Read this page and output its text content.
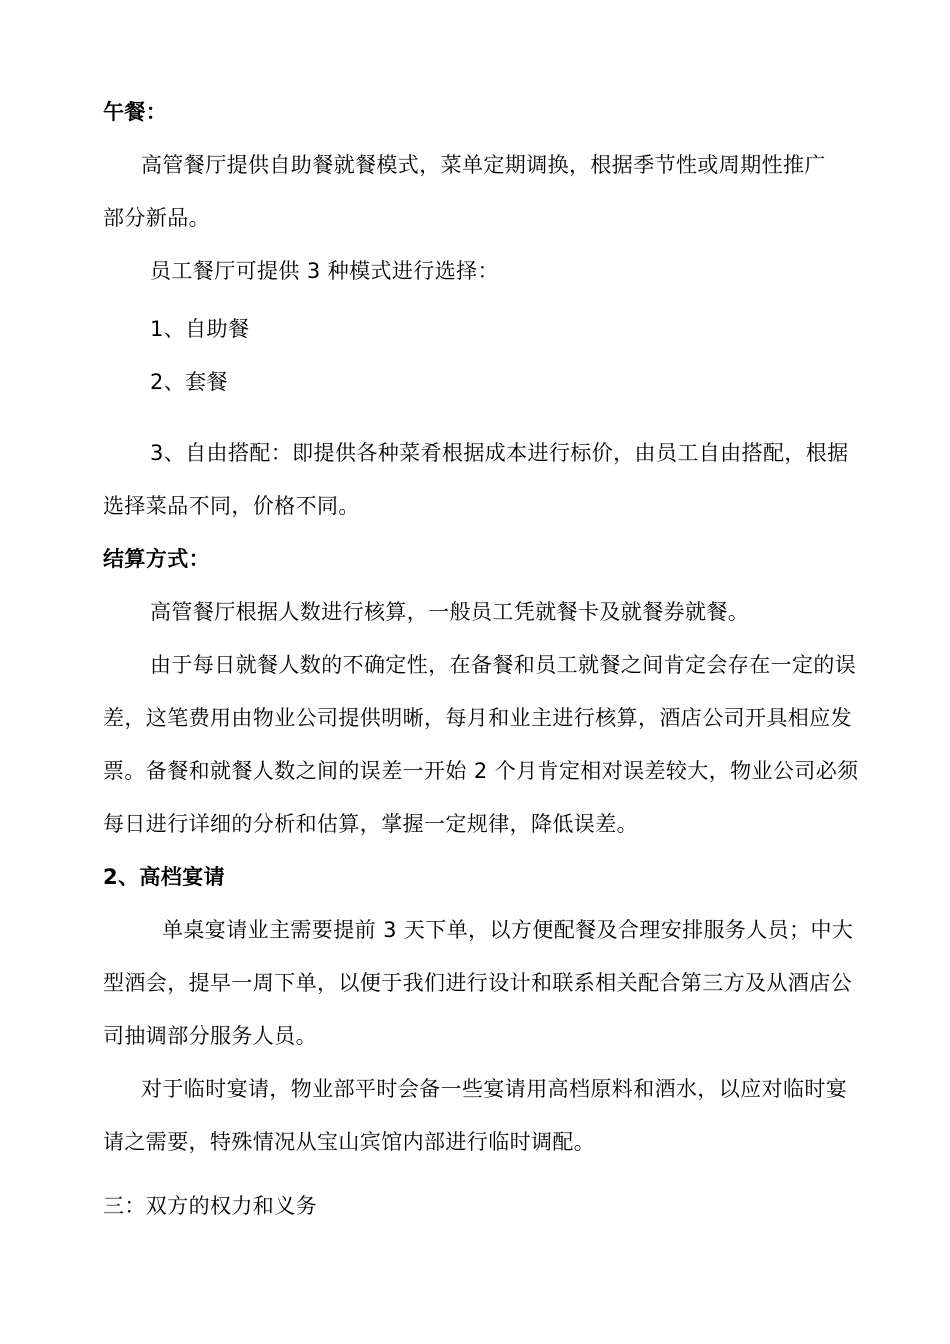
午餐：
高管餐厅提供自助餐就餐模式，菜单定期调换，根据季节性或周期性推广
部分新品。
员工餐厅可提供 3 种模式进行选择：
1、自助餐
2、套餐
3、自由搭配：即提供各种菜肴根据成本进行标价，由员工自由搭配，根据
选择菜品不同，价格不同。
结算方式：
高管餐厅根据人数进行核算，一般员工凭就餐卡及就餐券就餐。
由于每日就餐人数的不确定性，在备餐和员工就餐之间肯定会存在一定的误
差，这笔费用由物业公司提供明晰，每月和业主进行核算，酒店公司开具相应发
票。备餐和就餐人数之间的误差一开始 2 个月肯定相对误差较大，物业公司必须
每日进行详细的分析和估算，掌握一定规律，降低误差。
2、高档宴请
单桌宴请业主需要提前 3 天下单，以方便配餐及合理安排服务人员；中大
型酒会，提早一周下单，以便于我们进行设计和联系相关配合第三方及从酒店公
司抽调部分服务人员。
对于临时宴请，物业部平时会备一些宴请用高档原料和酒水，以应对临时宴
请之需要，特殊情况从宝山宾馆内部进行临时调配。
三：双方的权力和义务
